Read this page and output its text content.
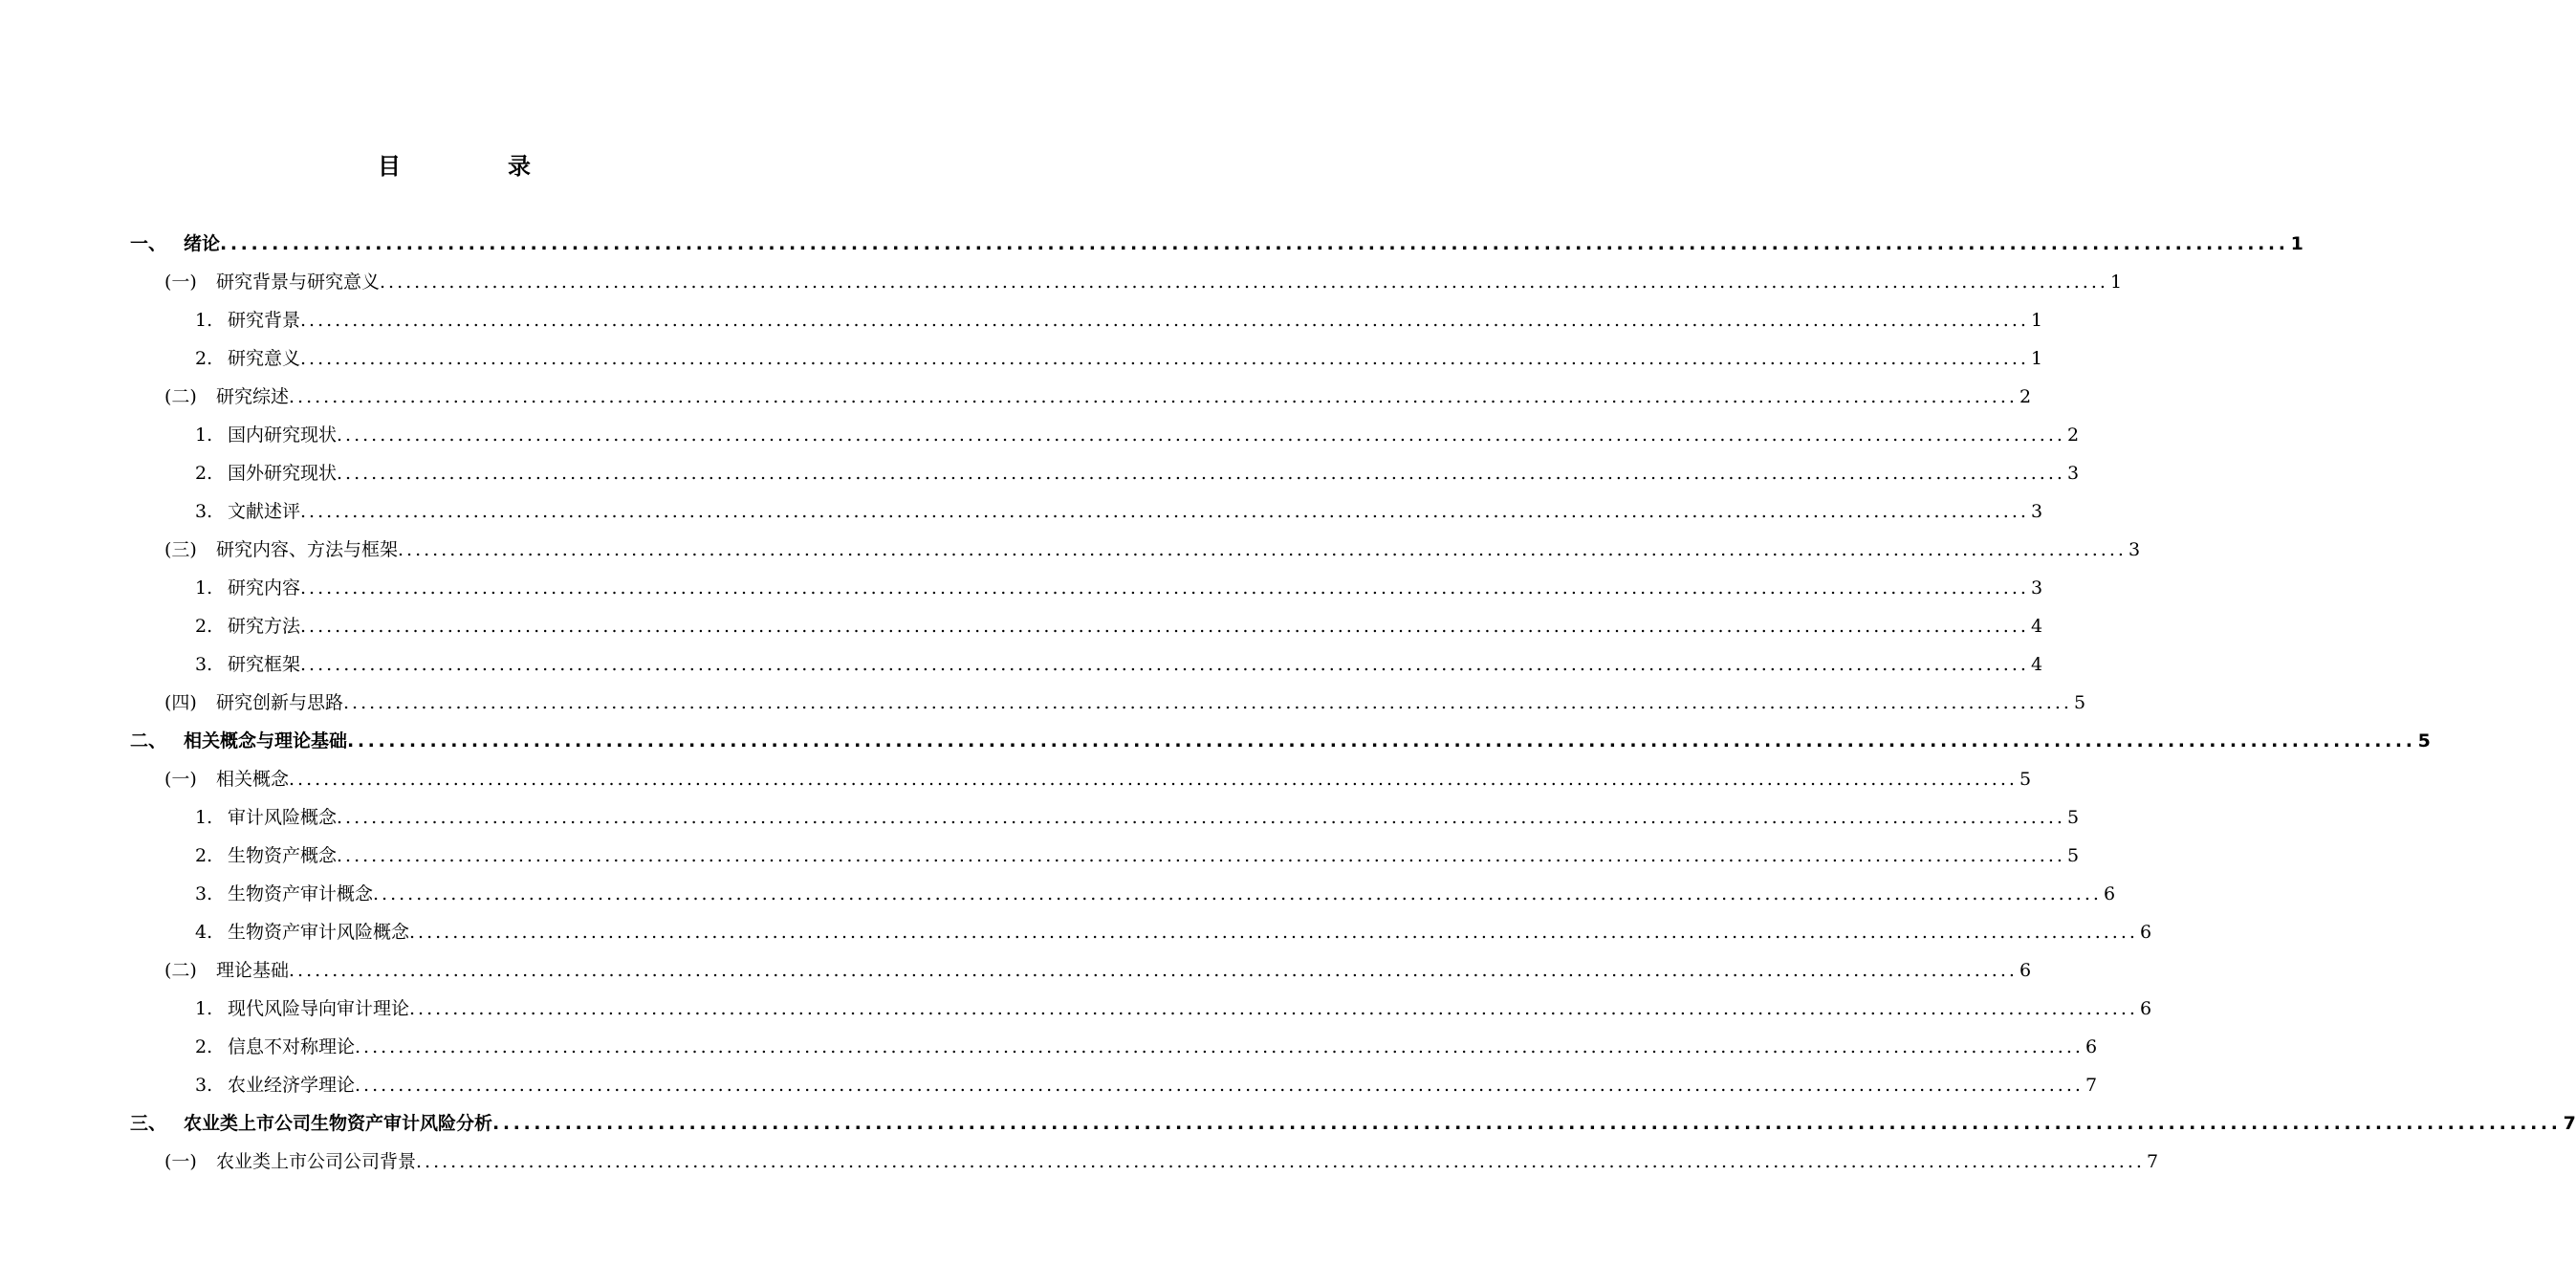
目　录
一、 绪论 ........................................................................................................................................................................................................ 1
(一)	研究背景与研究意义 ........................................................................................................................................................................................................ 1
1. 研究背景 ........................................................................................................................................................................................................ 1
2. 研究意义 ........................................................................................................................................................................................................ 1
(二)	研究综述 ........................................................................................................................................................................................................ 2
1. 国内研究现状 ........................................................................................................................................................................................................ 2
2. 国外研究现状 ........................................................................................................................................................................................................ 3
3. 文献述评 ........................................................................................................................................................................................................ 3
(三)	研究内容、方法与框架 ........................................................................................................................................................................................................ 3
1. 研究内容 ........................................................................................................................................................................................................ 3
2. 研究方法 ........................................................................................................................................................................................................ 4
3. 研究框架 ........................................................................................................................................................................................................ 4
(四)	研究创新与思路 ........................................................................................................................................................................................................ 5
二、 相关概念与理论基础 ........................................................................................................................................................................................................ 5
(一)	相关概念 ........................................................................................................................................................................................................ 5
1. 审计风险概念 ........................................................................................................................................................................................................ 5
2. 生物资产概念 ........................................................................................................................................................................................................ 5
3. 生物资产审计概念 ........................................................................................................................................................................................................ 6
4. 生物资产审计风险概念 ........................................................................................................................................................................................................ 6
(二)	理论基础 ........................................................................................................................................................................................................ 6
1. 现代风险导向审计理论 ........................................................................................................................................................................................................ 6
2. 信息不对称理论 ........................................................................................................................................................................................................ 6
3. 农业经济学理论 ........................................................................................................................................................................................................ 7
三、 农业类上市公司生物资产审计风险分析 ........................................................................................................................................................................................................ 7
(一)	农业类上市公司公司背景 ........................................................................................................................................................................................................ 7
